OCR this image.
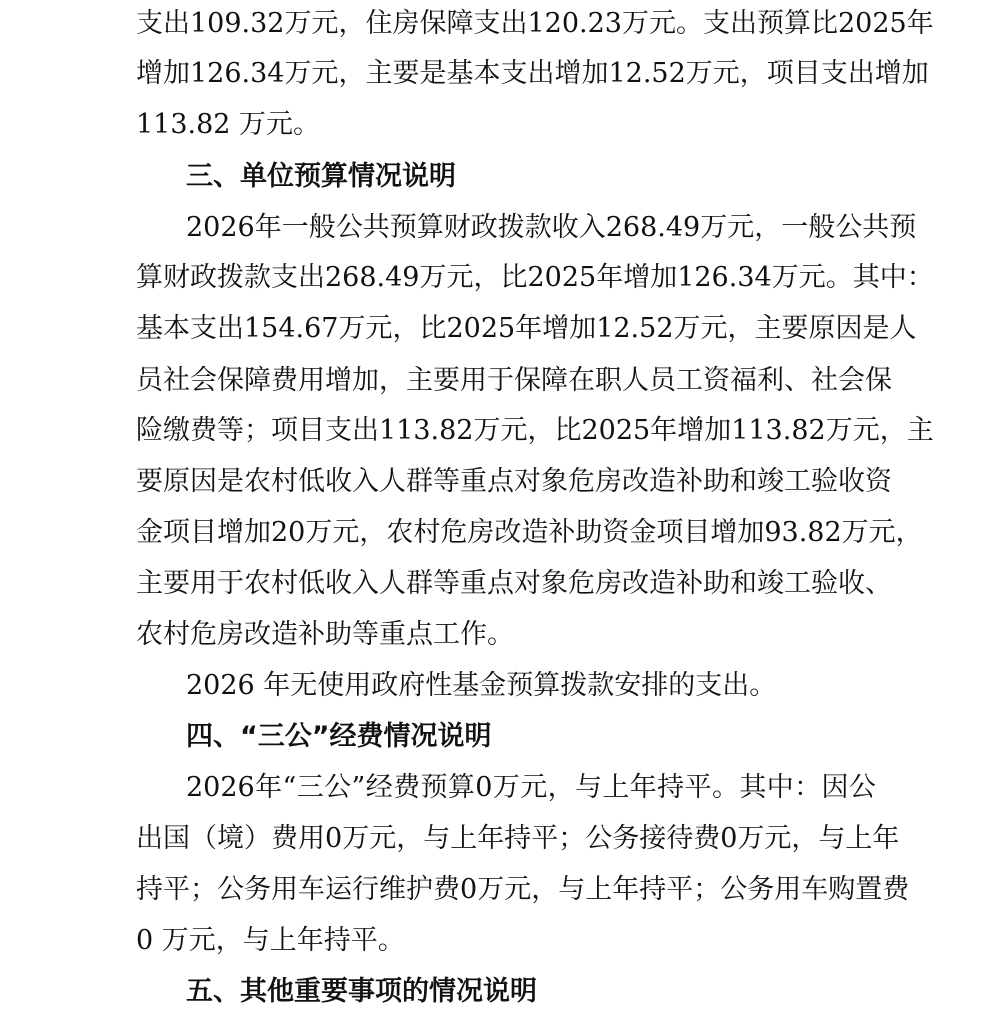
支 出 109.32 万 元 ， 住 房 保 障 支 出 120.23 万 元 。 支 出 预 算 比 2025 年
增 加 126.34 万 元 ， 主 要 是 基 本 支 出 增 加 12.52 万 元 ， 项 目 支 出 增 加
113.82 万元。
三、单位预算情况说明
2026 年 一 般 公 共 预 算 财 政 拨 款 收 入 268.49 万 元 ， 一 般 公 共 预
算 财 政 拨 款 支 出 268.49 万 元 ， 比 2025 年 增 加 126.34 万 元 。 其 中 ：
基 本 支 出 154.67 万 元 ， 比 2025 年 增 加 12.52 万 元 ， 主 要 原 因 是 人
员 社 会 保 障 费 用 增 加 ， 主 要 用 于 保 障 在 职 人 员 工 资 福 利 、 社 会 保
险 缴 费 等 ； 项 目 支 出 113.82 万 元 ， 比 2025 年 增 加 113.82 万 元 ， 主
要 原 因 是 农 村 低 收 入 人 群 等 重 点 对 象 危 房 改 造 补 助 和 竣 工 验 收 资
金 项 目 增 加 20 万 元 ， 农 村 危 房 改 造 补 助 资 金 项 目 增 加 93.82 万 元 ，
主 要 用 于 农 村 低 收 入 人 群 等 重 点 对 象 危 房 改 造 补 助 和 竣 工 验 收 、
农村危房改造补助等重点工作。
2026 年无使用政府性基金预算拨款安排的支出。
四、“三公”经费情况说明
2026 年 “ 三 公 ” 经 费 预 算 0 万 元 ， 与 上 年 持 平 。 其 中 ： 因 公
出 国 （ 境 ） 费 用 0 万 元 ， 与 上 年 持 平 ； 公 务 接 待 费 0 万 元 ， 与 上 年
持 平 ； 公 务 用 车 运 行 维 护 费 0 万 元 ， 与 上 年 持 平 ； 公 务 用 车 购 置 费
0 万元，与上年持平。
五、其他重要事项的情况说明
